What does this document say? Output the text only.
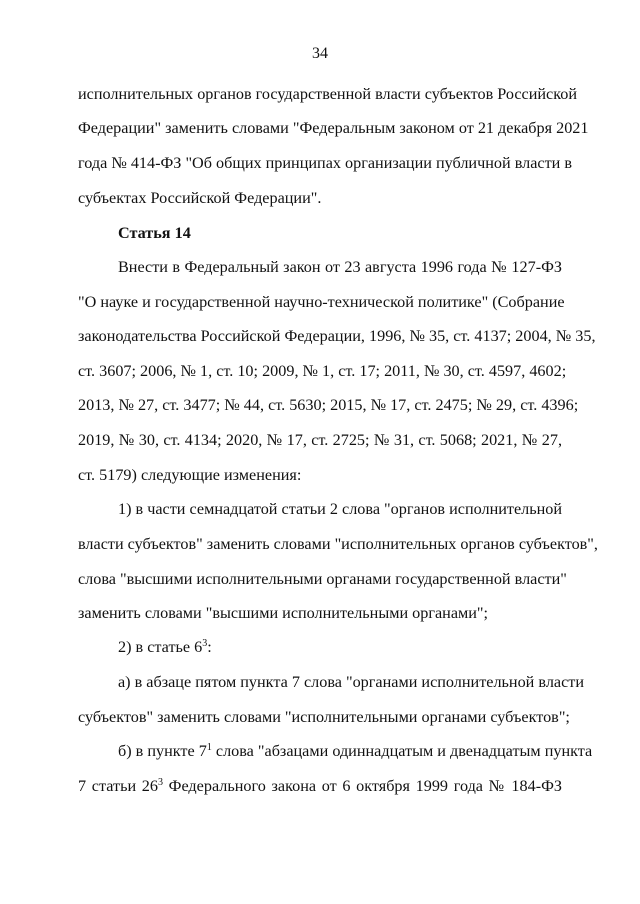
34
исполнительных органов государственной власти субъектов Российской
Федерации" заменить словами "Федеральным законом от 21 декабря 2021
года № 414-ФЗ "Об общих принципах организации публичной власти в
субъектах Российской Федерации".
Статья 14
Внести в Федеральный закон от 23 августа 1996 года № 127-ФЗ
"О науке и государственной научно-технической политике" (Собрание
законодательства Российской Федерации, 1996, № 35, ст. 4137; 2004, № 35,
ст. 3607; 2006, № 1, ст. 10; 2009, № 1, ст. 17; 2011, № 30, ст. 4597, 4602;
2013, № 27, ст. 3477; № 44, ст. 5630; 2015, № 17, ст. 2475; № 29, ст. 4396;
2019, № 30, ст. 4134; 2020, № 17, ст. 2725; № 31, ст. 5068; 2021, № 27,
ст. 5179) следующие изменения:
1) в части семнадцатой статьи 2 слова "органов исполнительной
власти субъектов" заменить словами "исполнительных органов субъектов",
слова "высшими исполнительными органами государственной власти"
заменить словами "высшими исполнительными органами";
2) в статье $6^3$:
а) в абзаце пятом пункта 7 слова "органами исполнительной власти
субъектов" заменить словами "исполнительными органами субъектов";
б) в пункте $7^1$ слова "абзацами одиннадцатым и двенадцатым пункта
7 статьи $26^3$ Федерального закона от 6 октября 1999 года № 184-ФЗ
